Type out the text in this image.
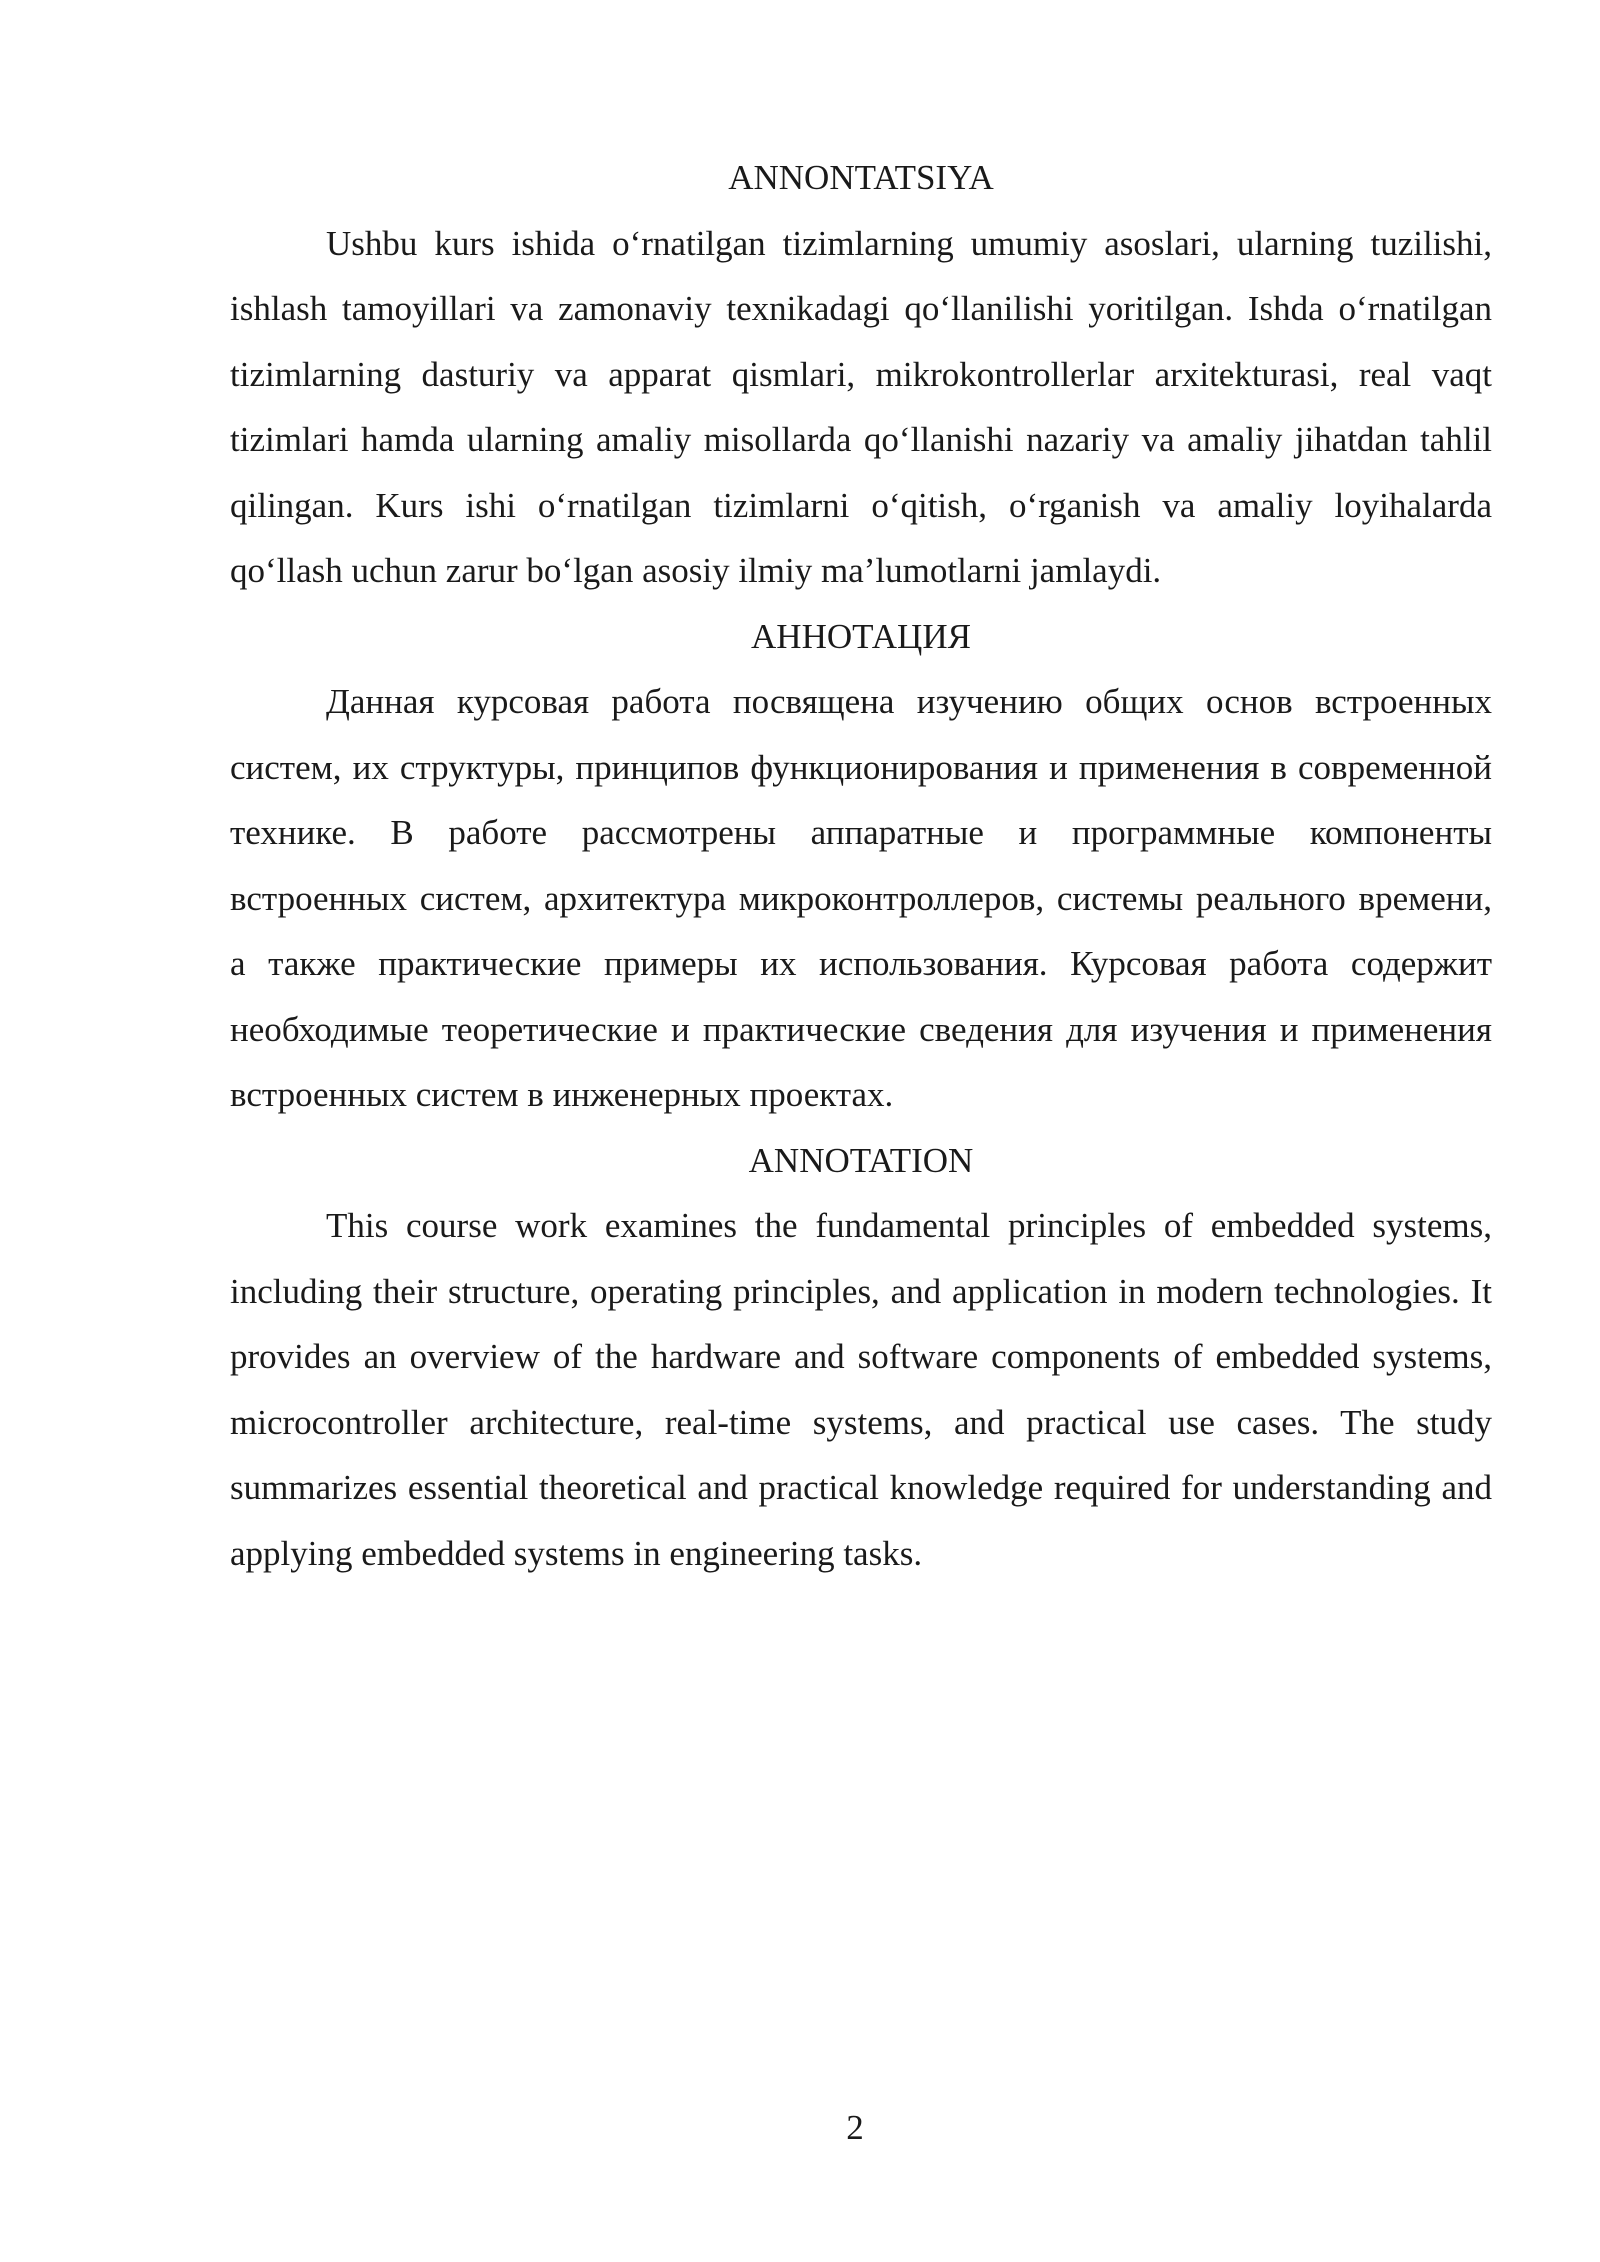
ANNONTATSIYA

Ushbu kurs ishida o‘rnatilgan tizimlarning umumiy asoslari, ularning tuzilishi, ishlash tamoyillari va zamonaviy texnikadagi qo‘llanilishi yoritilgan. Ishda o‘rnatilgan tizimlarning dasturiy va apparat qismlari, mikrokontrollerlar arxitekturasi, real vaqt tizimlari hamda ularning amaliy misollarda qo‘llanishi nazariy va amaliy jihatdan tahlil qilingan. Kurs ishi o‘rnatilgan tizimlarni o‘qitish, o‘rganish va amaliy loyihalarda qo‘llash uchun zarur bo‘lgan asosiy ilmiy ma’lumotlarni jamlaydi.

АННОТАЦИЯ

Данная курсовая работа посвящена изучению общих основ встроенных систем, их структуры, принципов функционирования и применения в современной технике. В работе рассмотрены аппаратные и программные компоненты встроенных систем, архитектура микроконтроллеров, системы реального времени, а также практические примеры их использования. Курсовая работа содержит необходимые теоретические и практические сведения для изучения и применения встроенных систем в инженерных проектах.

ANNOTATION

This course work examines the fundamental principles of embedded systems, including their structure, operating principles, and application in modern technologies. It provides an overview of the hardware and software components of embedded systems, microcontroller architecture, real-time systems, and practical use cases. The study summarizes essential theoretical and practical knowledge required for understanding and applying embedded systems in engineering tasks.

2
